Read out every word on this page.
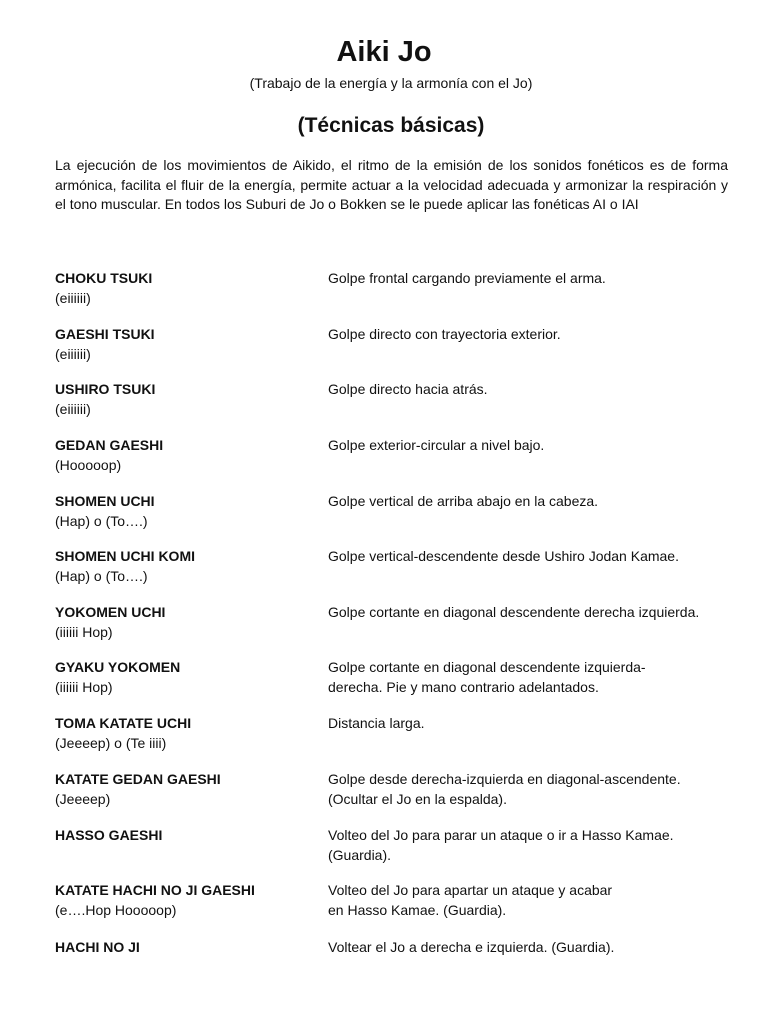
Aiki Jo
(Trabajo de la energía y la armonía con el Jo)
(Técnicas básicas)
La ejecución de los movimientos de Aikido, el ritmo de la emisión de los sonidos fonéticos es de forma armónica, facilita el fluir de la energía, permite actuar a la velocidad adecuada y armonizar la respiración y el tono muscular. En todos los Suburi de Jo o Bokken se le puede aplicar las fonéticas AI o IAI
CHOKU TSUKI
(eiiiiii)
Golpe frontal cargando previamente el arma.
GAESHI TSUKI
(eiiiiii)
Golpe directo con trayectoria exterior.
USHIRO TSUKI
(eiiiiii)
Golpe directo hacia atrás.
GEDAN GAESHI
(Hooooop)
Golpe exterior-circular a nivel bajo.
SHOMEN UCHI
(Hap) o (To….)
Golpe vertical de arriba abajo en la cabeza.
SHOMEN UCHI KOMI
(Hap) o (To….)
Golpe vertical-descendente desde Ushiro Jodan Kamae.
YOKOMEN UCHI
(iiiiii Hop)
Golpe cortante en diagonal descendente derecha izquierda.
GYAKU YOKOMEN
(iiiiii Hop)
Golpe cortante en diagonal descendente izquierda-
derecha. Pie y mano contrario adelantados.
TOMA KATATE UCHI
(Jeeeep) o (Te iiii)
Distancia larga.
KATATE GEDAN GAESHI
(Jeeeep)
Golpe desde derecha-izquierda en diagonal-ascendente.
(Ocultar el Jo en la espalda).
HASSO GAESHI	Volteo del Jo para parar un ataque o ir a Hasso Kamae.
(Guardia).
KATATE HACHI NO JI GAESHI
(e….Hop Hooooop)
Volteo del Jo para apartar un ataque y acabar
en Hasso Kamae. (Guardia).
HACHI NO JI	Voltear el Jo a derecha e izquierda. (Guardia).
